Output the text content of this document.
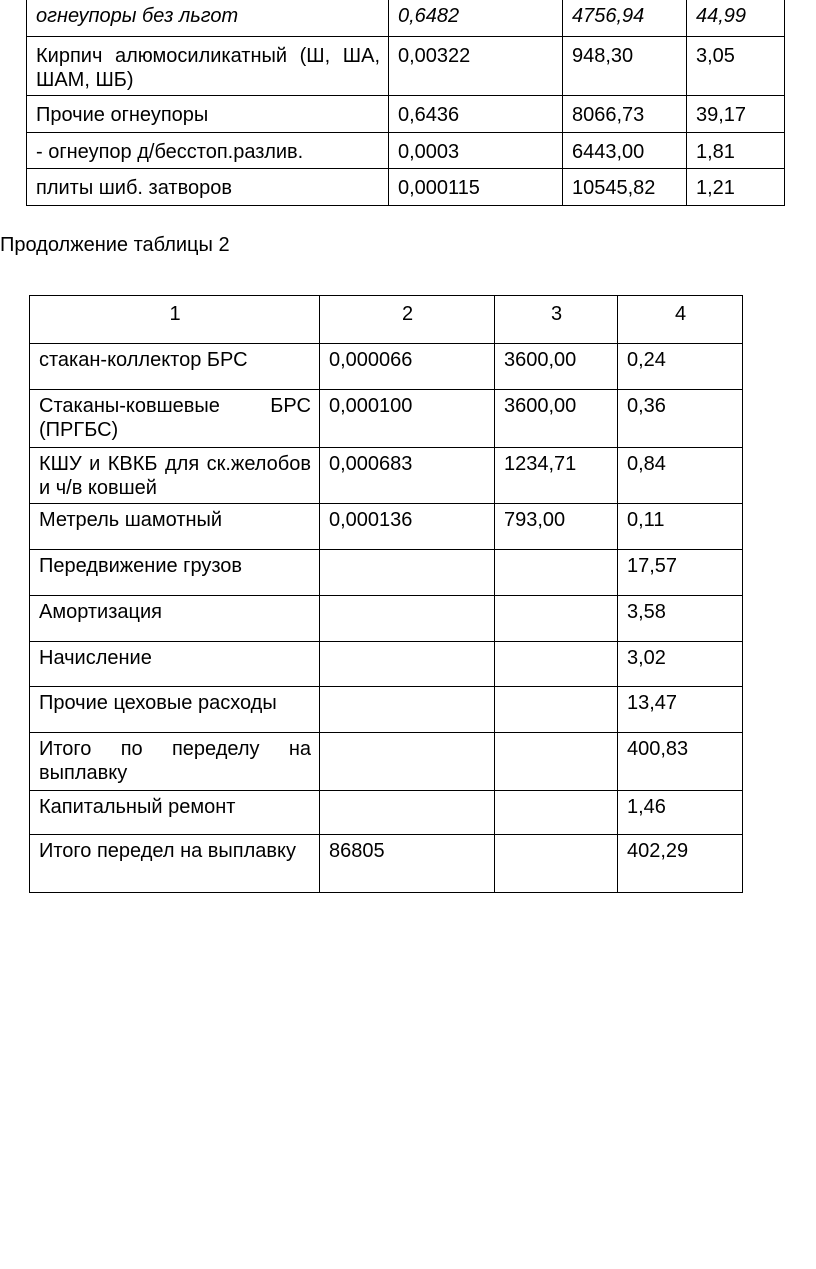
огнеупоры без льгот	0,6482	4756,94	44,99
Кирпич алюмосиликатный (Ш, ША, ШАМ, ШБ)	0,00322	948,30	3,05
Прочие огнеупоры	0,6436	8066,73	39,17
- огнеупор д/бесстоп.разлив.	0,0003	6443,00	1,81
плиты шиб. затворов	0,000115	10545,82	1,21

Продолжение таблицы 2

1	2	3	4
стакан-коллектор БРС	0,000066	3600,00	0,24
Стаканы-ковшевые БРС (ПРГБС)	0,000100	3600,00	0,36
КШУ и КВКБ для ск.желобов и ч/в ковшей	0,000683	1234,71	0,84
Метрель шамотный	0,000136	793,00	0,11
Передвижение грузов			17,57
Амортизация			3,58
Начисление			3,02
Прочие цеховые расходы			13,47
Итого по переделу на выплавку			400,83
Капитальный ремонт			1,46
Итого передел на выплавку	86805		402,29
